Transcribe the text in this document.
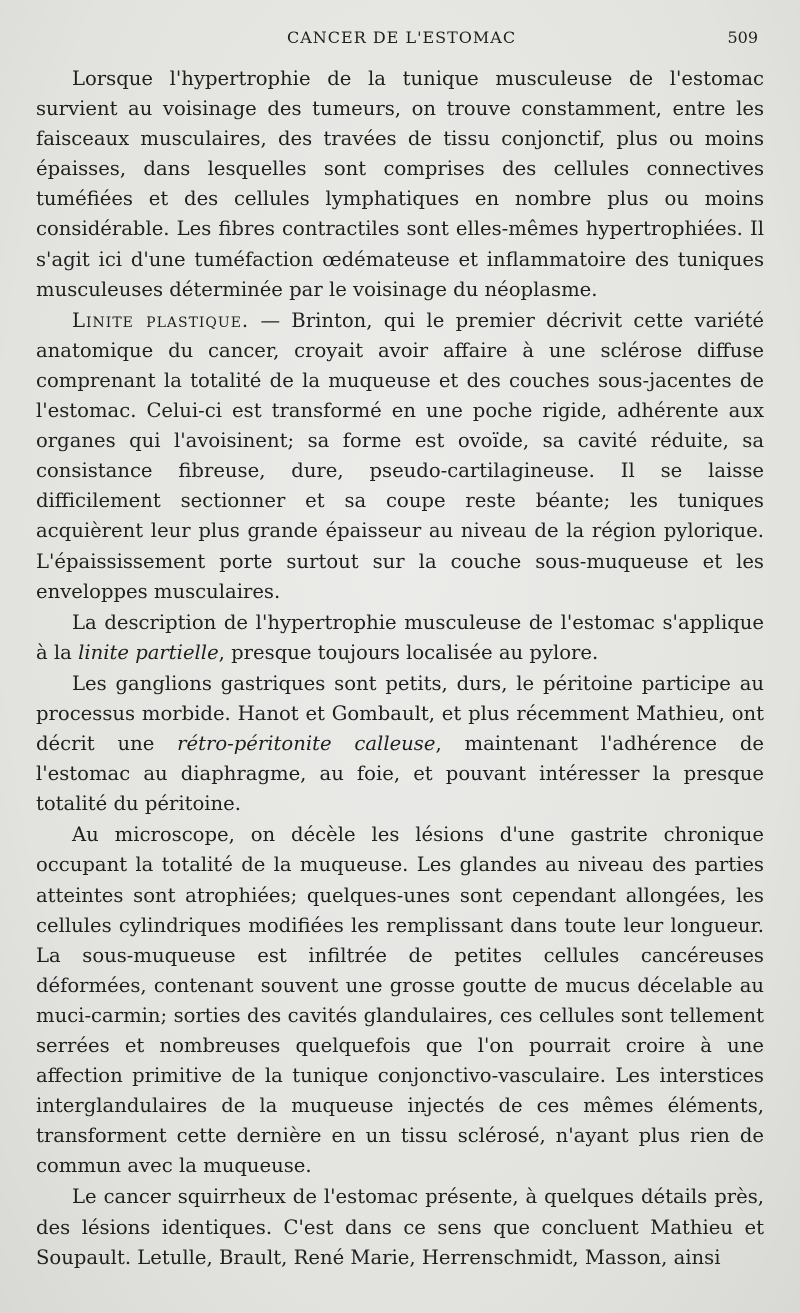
CANCER DE L'ESTOMAC	509

Lorsque l'hypertrophie de la tunique musculeuse de l'estomac survient au voisinage des tumeurs, on trouve constamment, entre les faisceaux musculaires, des travées de tissu conjonctif, plus ou moins épaisses, dans lesquelles sont comprises des cellules connectives tuméfiées et des cellules lymphatiques en nombre plus ou moins considérable. Les fibres contractiles sont elles-mêmes hypertrophiées. Il s'agit ici d'une tuméfaction œdémateuse et inflammatoire des tuniques musculeuses déterminée par le voisinage du néoplasme.

Linite plastique. — Brinton, qui le premier décrivit cette variété anatomique du cancer, croyait avoir affaire à une sclérose diffuse comprenant la totalité de la muqueuse et des couches sous-jacentes de l'estomac. Celui-ci est transformé en une poche rigide, adhérente aux organes qui l'avoisinent; sa forme est ovoïde, sa cavité réduite, sa consistance fibreuse, dure, pseudo-cartilagineuse. Il se laisse difficilement sectionner et sa coupe reste béante; les tuniques acquièrent leur plus grande épaisseur au niveau de la région pylorique. L'épaississement porte surtout sur la couche sous-muqueuse et les enveloppes musculaires.

La description de l'hypertrophie musculeuse de l'estomac s'applique à la linite partielle, presque toujours localisée au pylore.

Les ganglions gastriques sont petits, durs, le péritoine participe au processus morbide. Hanot et Gombault, et plus récemment Mathieu, ont décrit une rétro-péritonite calleuse, maintenant l'adhérence de l'estomac au diaphragme, au foie, et pouvant intéresser la presque totalité du péritoine.

Au microscope, on décèle les lésions d'une gastrite chronique occupant la totalité de la muqueuse. Les glandes au niveau des parties atteintes sont atrophiées; quelques-unes sont cependant allongées, les cellules cylindriques modifiées les remplissant dans toute leur longueur. La sous-muqueuse est infiltrée de petites cellules cancéreuses déformées, contenant souvent une grosse goutte de mucus décelable au muci-carmin; sorties des cavités glandulaires, ces cellules sont tellement serrées et nombreuses quelquefois que l'on pourrait croire à une affection primitive de la tunique conjonctivo-vasculaire. Les interstices interglandulaires de la muqueuse injectés de ces mêmes éléments, transforment cette dernière en un tissu sclérosé, n'ayant plus rien de commun avec la muqueuse.

Le cancer squirrheux de l'estomac présente, à quelques détails près, des lésions identiques. C'est dans ce sens que concluent Mathieu et Soupault. Letulle, Brault, René Marie, Herrenschmidt, Masson, ainsi
